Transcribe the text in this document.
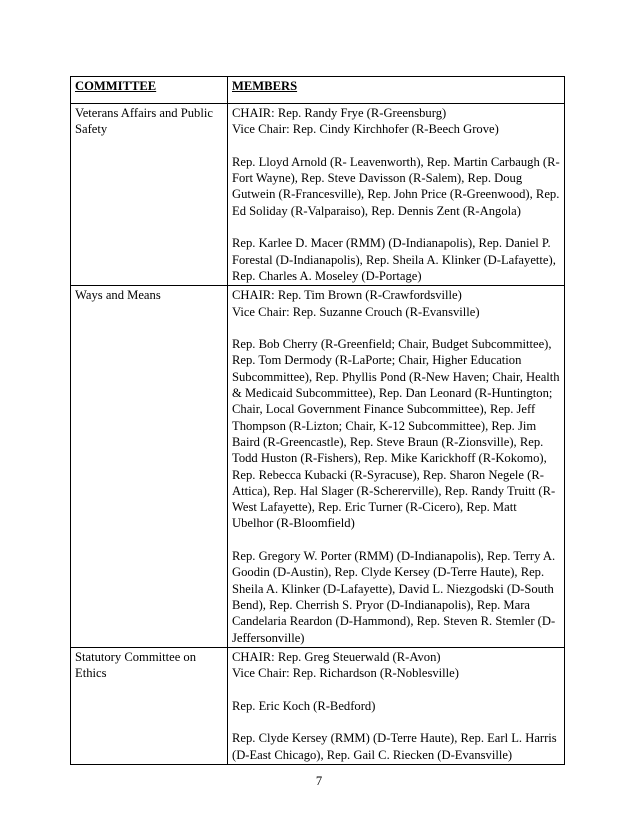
COMMITTEE	MEMBERS
Veterans Affairs and Public Safety	CHAIR: Rep. Randy Frye (R-Greensburg)
Vice Chair: Rep. Cindy Kirchhofer (R-Beech Grove)
Rep. Lloyd Arnold (R- Leavenworth), Rep. Martin Carbaugh (R-Fort Wayne), Rep. Steve Davisson (R-Salem), Rep. Doug Gutwein (R-Francesville), Rep. John Price (R-Greenwood), Rep. Ed Soliday (R-Valparaiso), Rep. Dennis Zent (R-Angola)
Rep. Karlee D. Macer (RMM) (D-Indianapolis), Rep. Daniel P. Forestal (D-Indianapolis), Rep. Sheila A. Klinker (D-Lafayette), Rep. Charles A. Moseley (D-Portage)

Ways and Means	CHAIR: Rep. Tim Brown (R-Crawfordsville)
Vice Chair: Rep. Suzanne Crouch (R-Evansville)
Rep. Bob Cherry (R-Greenfield; Chair, Budget Subcommittee), Rep. Tom Dermody (R-LaPorte; Chair, Higher Education Subcommittee), Rep. Phyllis Pond (R-New Haven; Chair, Health & Medicaid Subcommittee), Rep. Dan Leonard (R-Huntington; Chair, Local Government Finance Subcommittee), Rep. Jeff Thompson (R-Lizton; Chair, K-12 Subcommittee), Rep. Jim Baird (R-Greencastle), Rep. Steve Braun (R-Zionsville), Rep. Todd Huston (R-Fishers), Rep. Mike Karickhoff (R-Kokomo), Rep. Rebecca Kubacki (R-Syracuse), Rep. Sharon Negele (R-Attica), Rep. Hal Slager (R-Schererville), Rep. Randy Truitt (R-West Lafayette), Rep. Eric Turner (R-Cicero), Rep. Matt Ubelhor (R-Bloomfield)
Rep. Gregory W. Porter (RMM) (D-Indianapolis), Rep. Terry A. Goodin (D-Austin), Rep. Clyde Kersey (D-Terre Haute), Rep. Sheila A. Klinker (D-Lafayette), David L. Niezgodski (D-South Bend), Rep. Cherrish S. Pryor (D-Indianapolis), Rep. Mara Candelaria Reardon (D-Hammond), Rep. Steven R. Stemler (D-Jeffersonville)

Statutory Committee on Ethics	CHAIR: Rep. Greg Steuerwald (R-Avon)
Vice Chair: Rep. Richardson (R-Noblesville)
Rep. Eric Koch (R-Bedford)
Rep. Clyde Kersey (RMM) (D-Terre Haute), Rep. Earl L. Harris (D-East Chicago), Rep. Gail C. Riecken (D-Evansville)
7
